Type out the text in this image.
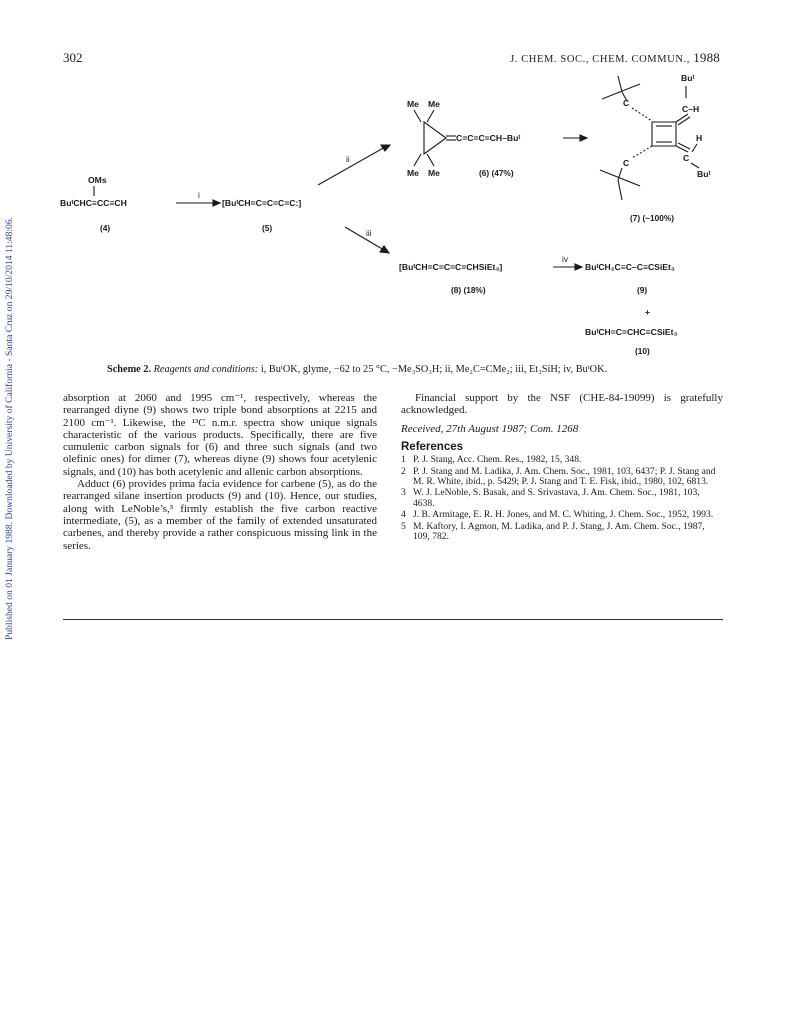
Published on 01 January 1988. Downloaded by University of California - Santa Cruz on 29/10/2014 11:48:06.
302	J. CHEM. SOC., CHEM. COMMUN., 1988
OMs
BuᵗCHC≡CC≡CH
(4)
i
[BuᵗCH=C=C=C=C:]
(5)
ii
iii
Me Me
Me Me
C=C=C=CH–Buᵗ
(6) (47%)
C
Buᵗ
C–H
C
H
Buᵗ
C
(7) (~100%)
[BuᵗCH=C=C=C=CHSiEt₃]
(8) (18%)
iv
BuᵗCH₂C≡C–C≡CSiEt₃
(9)
+
BuᵗCH=C=CHC≡CSiEt₃
(10)
Scheme 2. Reagents and conditions: i, BuᵗOK, glyme, −62 to 25 °C, −Me₃SO₃H; ii, Me₂C=CMe₂; iii, Et₃SiH; iv, BuᵗOK.

absorption at 2060 and 1995 cm⁻¹, respectively, whereas the rearranged diyne (9) shows two triple bond absorptions at 2215 and 2100 cm⁻¹. Likewise, the ¹³C n.m.r. spectra show unique signals characteristic of the various products. Specifically, there are five cumulenic carbon signals for (6) and three such signals (and two olefinic ones) for dimer (7), whereas diyne (9) shows four acetylenic signals, and (10) has both acetylenic and allenic carbon absorptions.

Adduct (6) provides prima facia evidence for carbene (5), as do the rearranged silane insertion products (9) and (10). Hence, our studies, along with LeNoble’s,³ firmly establish the five carbon reactive intermediate, (5), as a member of the family of extended unsaturated carbenes, and thereby provide a rather conspicuous missing link in the series.

Financial support by the NSF (CHE-84-19099) is gratefully acknowledged.

Received, 27th August 1987; Com. 1268

References

1 P. J. Stang, Acc. Chem. Res., 1982, 15, 348.
2 P. J. Stang and M. Ladika, J. Am. Chem. Soc., 1981, 103, 6437; P. J. Stang and M. R. White, ibid., p. 5429; P. J. Stang and T. E. Fisk, ibid., 1980, 102, 6813.
3 W. J. LeNoble, S. Basak, and S. Srivastava, J. Am. Chem. Soc., 1981, 103, 4638.
4 J. B. Armitage, E. R. H. Jones, and M. C. Whiting, J. Chem. Soc., 1952, 1993.
5 M. Kaftory, I. Agmon, M. Ladika, and P. J. Stang, J. Am. Chem. Soc., 1987, 109, 782.
